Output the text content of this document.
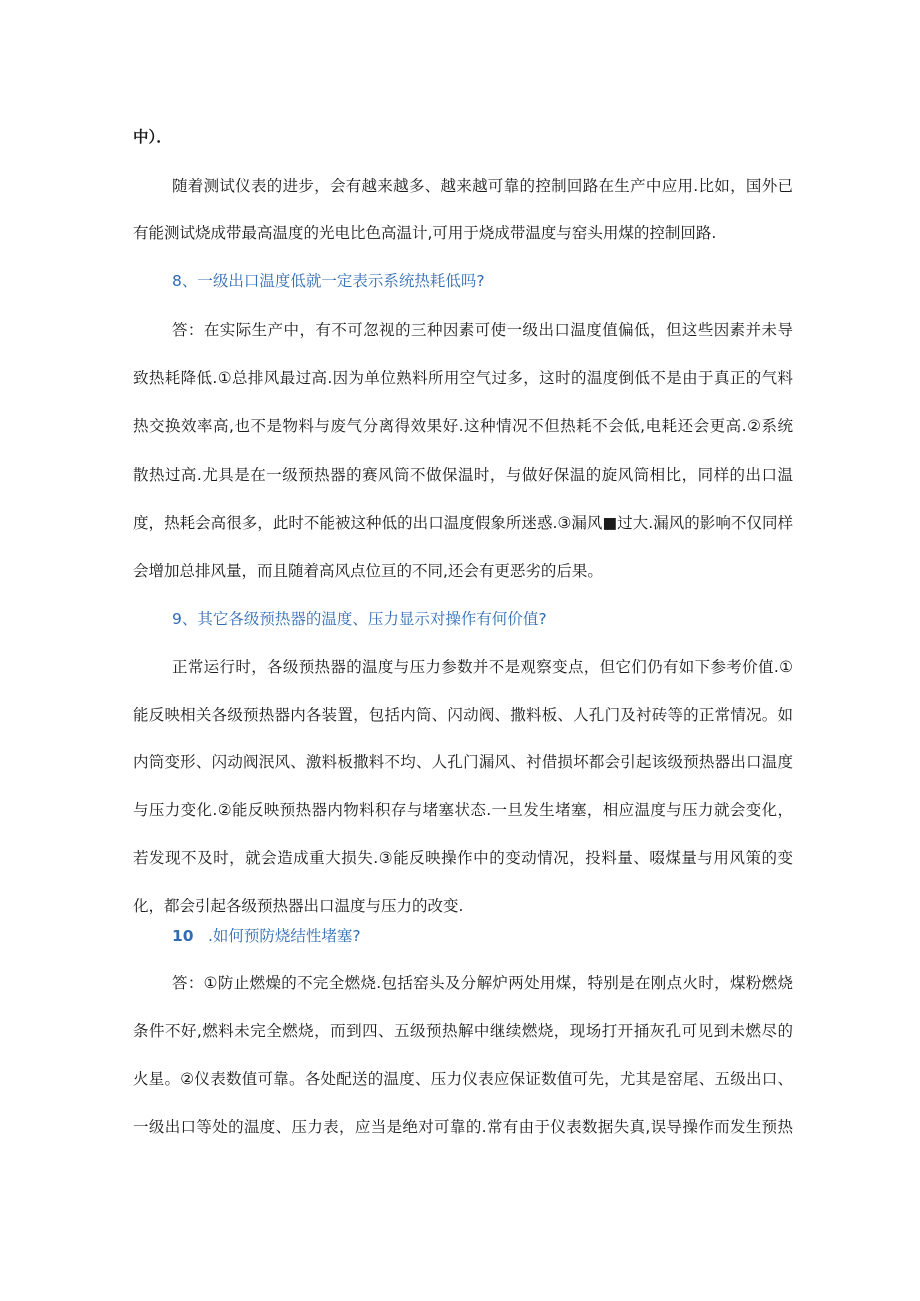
中）．
随着测试仪表的进步，会有越来越多、越来越可靠的控制回路在生产中应用.比如，国外已
有能测试烧成带最高温度的光电比色高温计,可用于烧成带温度与窑头用煤的控制回路.
8、一级出口温度低就一定表示系统热耗低吗?
答：在实际生产中，有不可忽视的三种因素可使一级出口温度值偏低，但这些因素并未导
致热耗降低.①总排风最过高.因为单位熟料所用空气过多，这时的温度倒低不是由于真正的气料
热交换效率高,也不是物料与废气分离得效果好.这种情况不但热耗不会低,电耗还会更高.②系统
散热过高.尤具是在一级预热器的赛风筒不做保温时，与做好保温的旋风筒相比，同样的出口温
度，热耗会高很多，此时不能被这种低的出口温度假象所迷惑.③漏风■过大.漏风的影响不仅同样
会增加总排风量，而且随着高风点位亘的不同,还会有更恶劣的后果。
9、其它各级预热器的温度、压力显示对操作有何价值?
正常运行时，各级预热器的温度与压力参数并不是观察变点，但它们仍有如下参考价值.①
能反映相关各级预热器内各装置，包括内筒、闪动阀、撒料板、人孔门及衬砖等的正常情况。如
内筒变形、闪动阀泯风、激料板撒料不均、人孔门漏风、衬借损坏都会引起该级预热器出口温度
与压力变化.②能反映预热器内物料积存与堵塞状态.一旦发生堵塞，相应温度与压力就会变化，
若发现不及时，就会造成重大损失.③能反映操作中的变动情况，投料量、啜煤量与用风策的变
化，都会引起各级预热器出口温度与压力的改变.
10 .如何预防烧结性堵塞?
答：①防止燃燥的不完全燃烧.包括窑头及分解炉两处用煤，特别是在刚点火时，煤粉燃烧
条件不好,燃料未完全燃烧，而到四、五级预热解中继续燃烧，现场打开捅灰孔可见到未燃尽的
火星。②仪表数值可靠。各处配送的温度、压力仪表应保证数值可先，尤其是窑尾、五级出口、
一级出口等处的温度、压力表，应当是绝对可靠的.常有由于仪表数据失真,误导操作而发生预热
